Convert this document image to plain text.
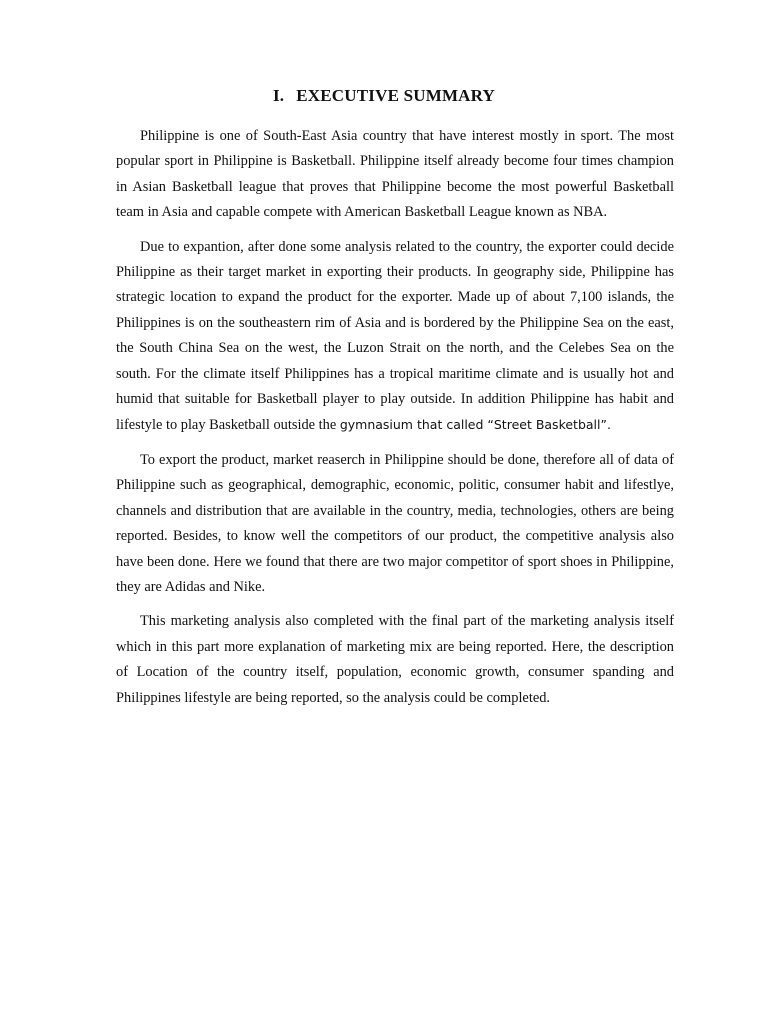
I. EXECUTIVE SUMMARY

Philippine is one of South-East Asia country that have interest mostly in sport. The most popular sport in Philippine is Basketball. Philippine itself already become four times champion in Asian Basketball league that proves that Philippine become the most powerful Basketball team in Asia and capable compete with American Basketball League known as NBA.

Due to expantion, after done some analysis related to the country, the exporter could decide Philippine as their target market in exporting their products. In geography side, Philippine has strategic location to expand the product for the exporter. Made up of about 7,100 islands, the Philippines is on the southeastern rim of Asia and is bordered by the Philippine Sea on the east, the South China Sea on the west, the Luzon Strait on the north, and the Celebes Sea on the south. For the climate itself Philippines has a tropical maritime climate and is usually hot and humid that suitable for Basketball player to play outside. In addition Philippine has habit and lifestyle to play Basketball outside the gymnasium that called “Street Basketball”.

To export the product, market reaserch in Philippine should be done, therefore all of data of Philippine such as geographical, demographic, economic, politic, consumer habit and lifestlye, channels and distribution that are available in the country, media, technologies, others are being reported. Besides, to know well the competitors of our product, the competitive analysis also have been done. Here we found that there are two major competitor of sport shoes in Philippine, they are Adidas and Nike.

This marketing analysis also completed with the final part of the marketing analysis itself which in this part more explanation of marketing mix are being reported. Here, the description of Location of the country itself, population, economic growth, consumer spanding and Philippines lifestyle are being reported, so the analysis could be completed.
